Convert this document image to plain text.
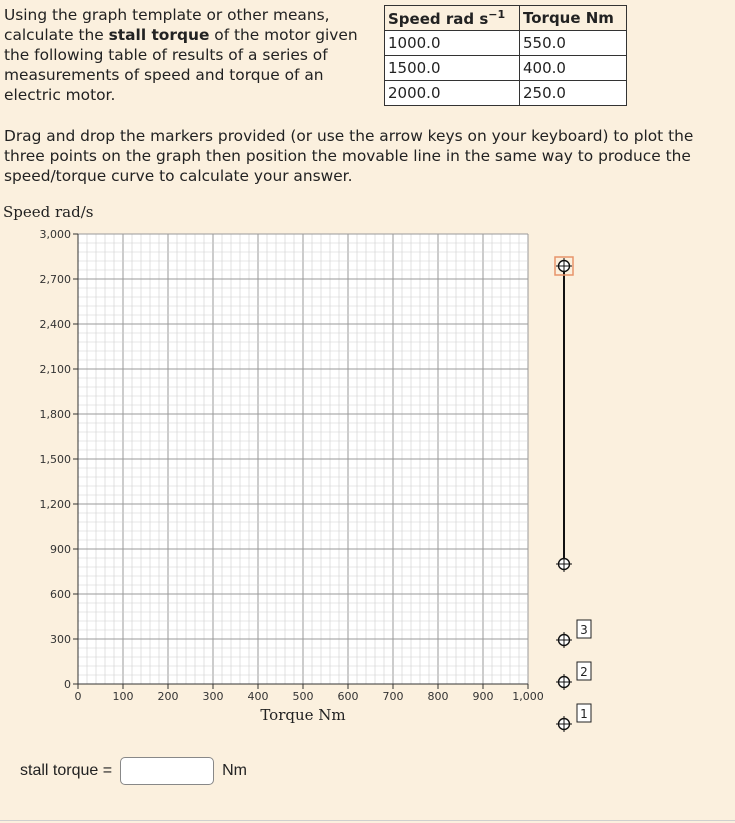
Using the graph template or other means, calculate the stall torque of the motor given the following table of results of a series of measurements of speed and torque of an electric motor.
Speed rad $s^{-1}$	Torque Nm
1000.0	550.0
1500.0	400.0
2000.0	250.0
Drag and drop the markers provided (or use the arrow keys on your keyboard) to plot the three points on the graph then position the movable line in the same way to produce the speed/torque curve to calculate your answer.
Speed rad/s
Torque Nm
0	100 200 300 400 500 600 700 800 900 1,000
3,000
2,700
2,400
2,100
1,800
1,500
1,200
900
600
300
0
3
2
1
stall torque =	Nm
